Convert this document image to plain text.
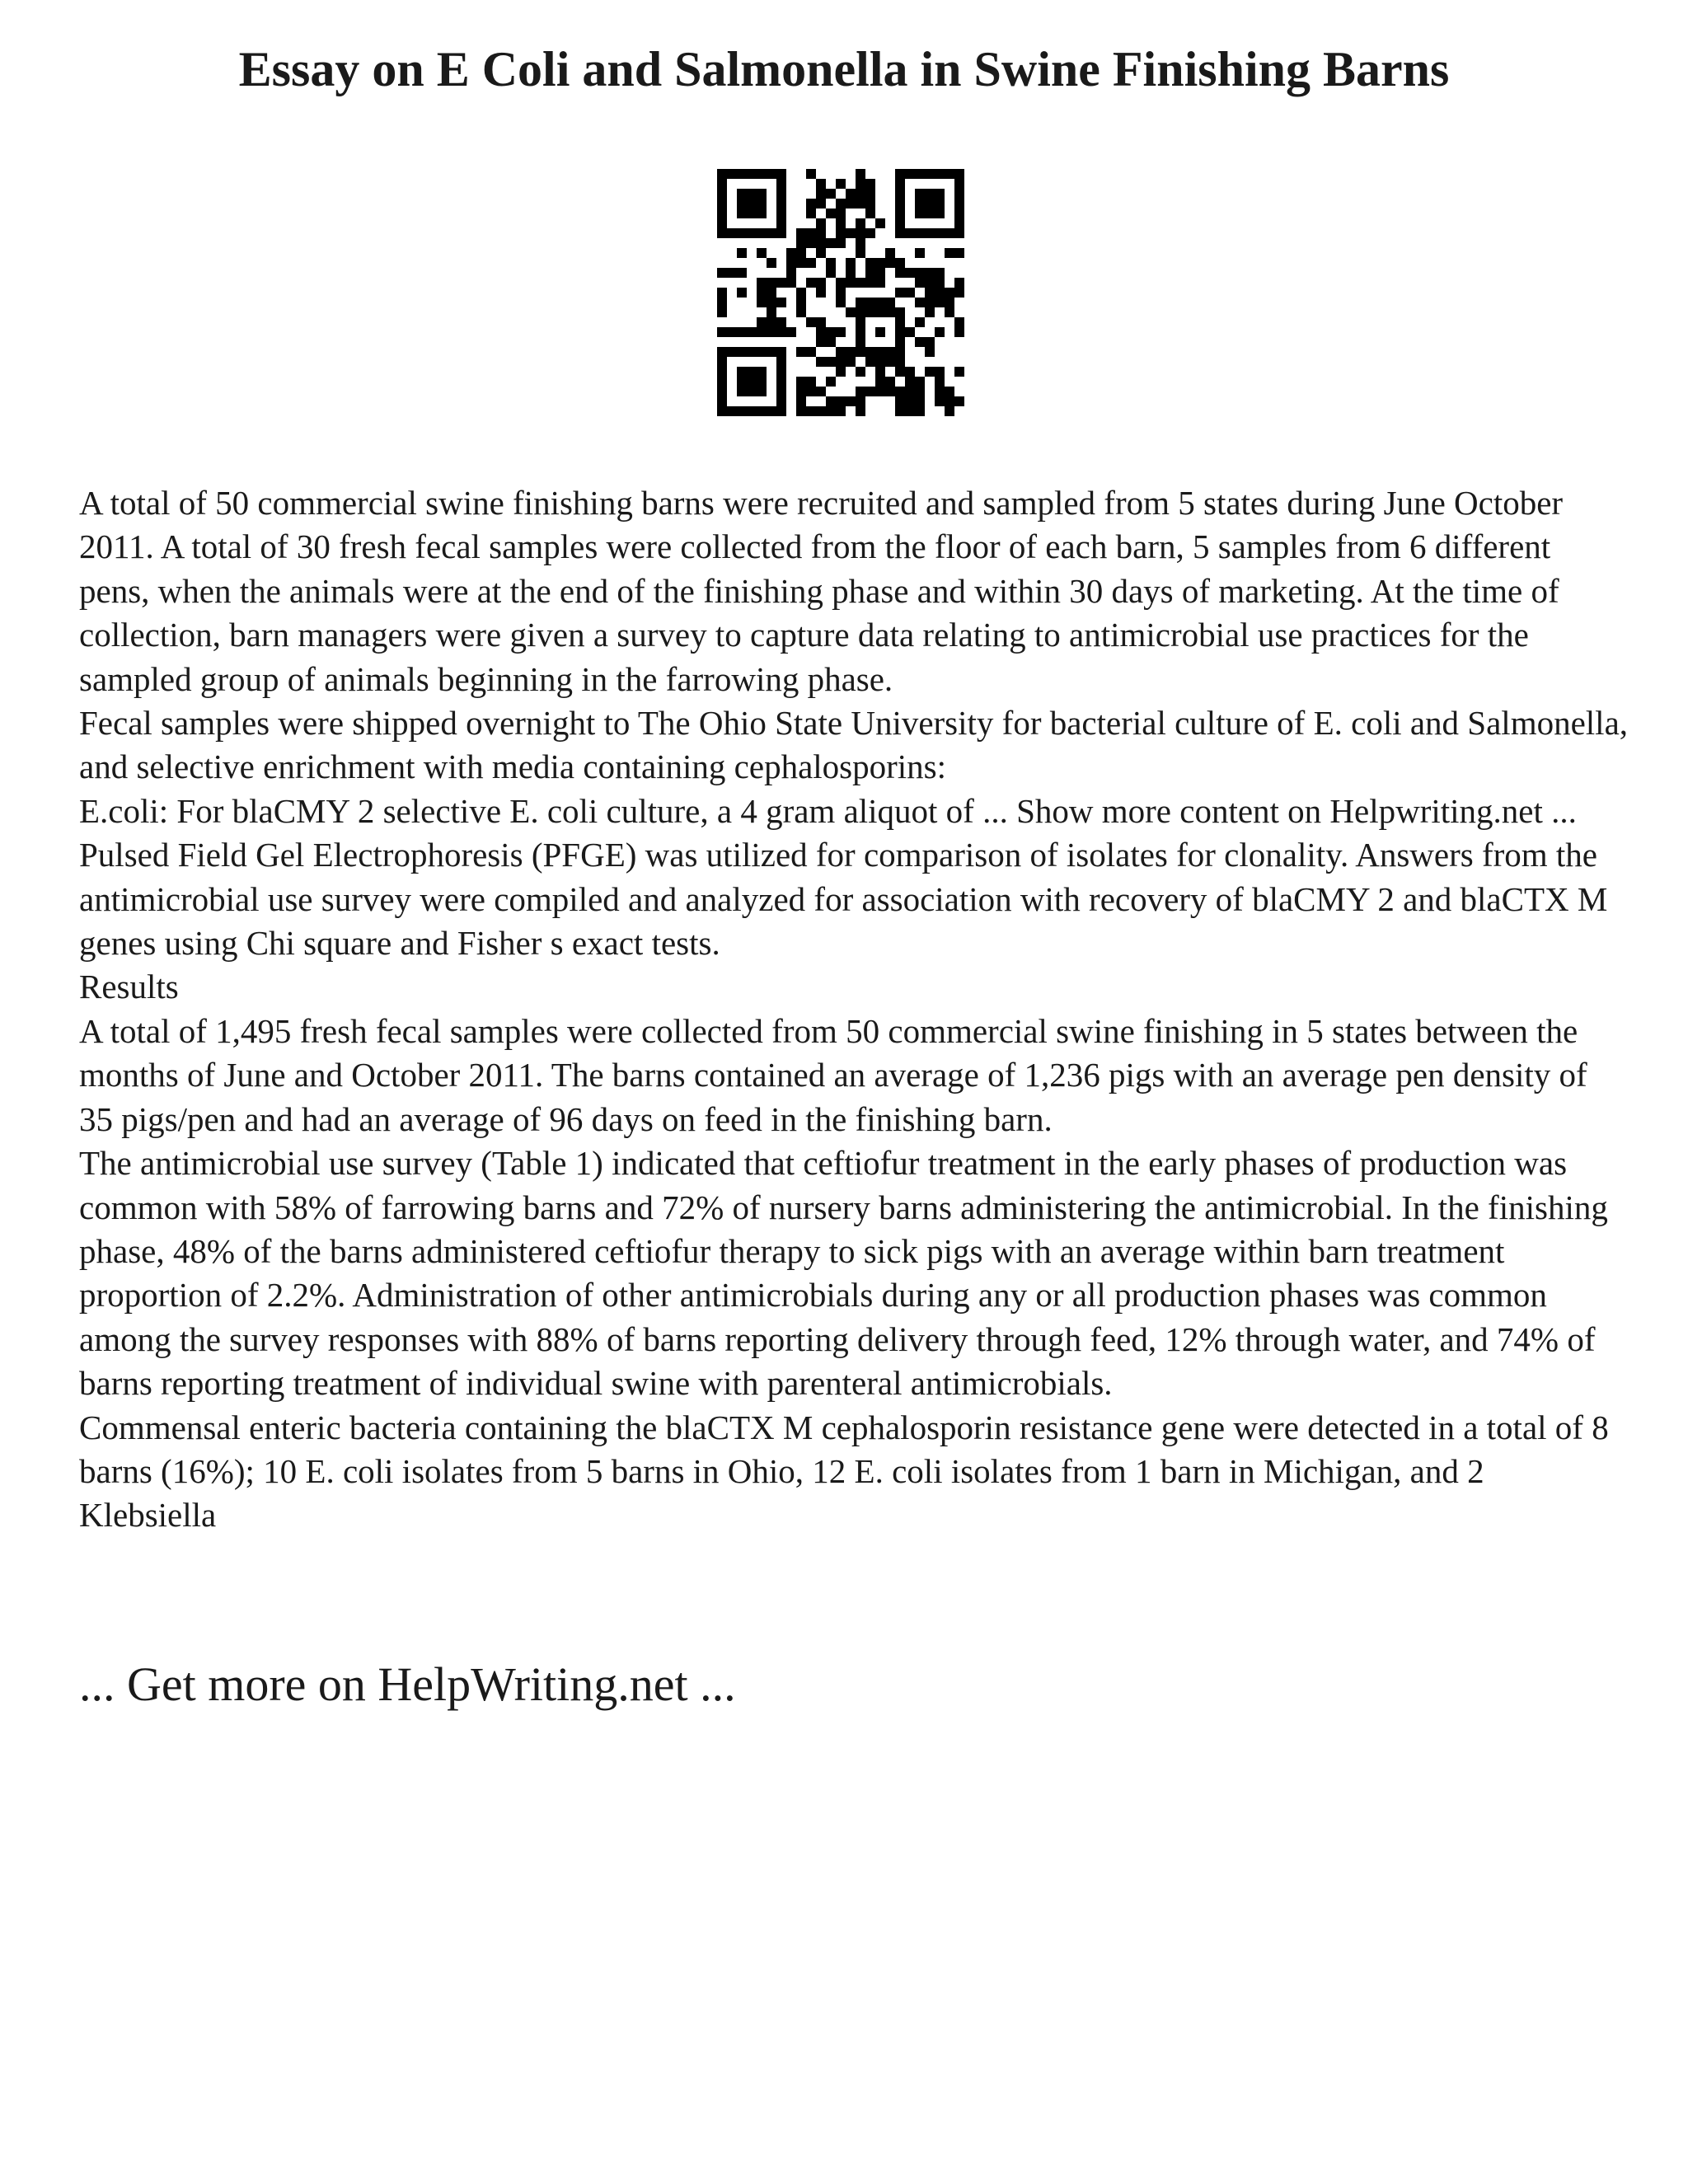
Essay on E Coli and Salmonella in Swine Finishing Barns

A total of 50 commercial swine finishing barns were recruited and sampled from 5 states during June October 2011. A total of 30 fresh fecal samples were collected from the floor of each barn, 5 samples from 6 different pens, when the animals were at the end of the finishing phase and within 30 days of marketing. At the time of collection, barn managers were given a survey to capture data relating to antimicrobial use practices for the sampled group of animals beginning in the farrowing phase.

Fecal samples were shipped overnight to The Ohio State University for bacterial culture of E. coli and Salmonella, and selective enrichment with media containing cephalosporins:

E.coli: For blaCMY 2 selective E. coli culture, a 4 gram aliquot of ... Show more content on Helpwriting.net ...

Pulsed Field Gel Electrophoresis (PFGE) was utilized for comparison of isolates for clonality. Answers from the antimicrobial use survey were compiled and analyzed for association with recovery of blaCMY 2 and blaCTX M genes using Chi square and Fisher s exact tests.

Results

A total of 1,495 fresh fecal samples were collected from 50 commercial swine finishing in 5 states between the months of June and October 2011. The barns contained an average of 1,236 pigs with an average pen density of 35 pigs/pen and had an average of 96 days on feed in the finishing barn.

The antimicrobial use survey (Table 1) indicated that ceftiofur treatment in the early phases of production was common with 58% of farrowing barns and 72% of nursery barns administering the antimicrobial. In the finishing phase, 48% of the barns administered ceftiofur therapy to sick pigs with an average within barn treatment proportion of 2.2%. Administration of other antimicrobials during any or all production phases was common among the survey responses with 88% of barns reporting delivery through feed, 12% through water, and 74% of barns reporting treatment of individual swine with parenteral antimicrobials.

Commensal enteric bacteria containing the blaCTX M cephalosporin resistance gene were detected in a total of 8 barns (16%); 10 E. coli isolates from 5 barns in Ohio, 12 E. coli isolates from 1 barn in Michigan, and 2 Klebsiella

... Get more on HelpWriting.net ...
